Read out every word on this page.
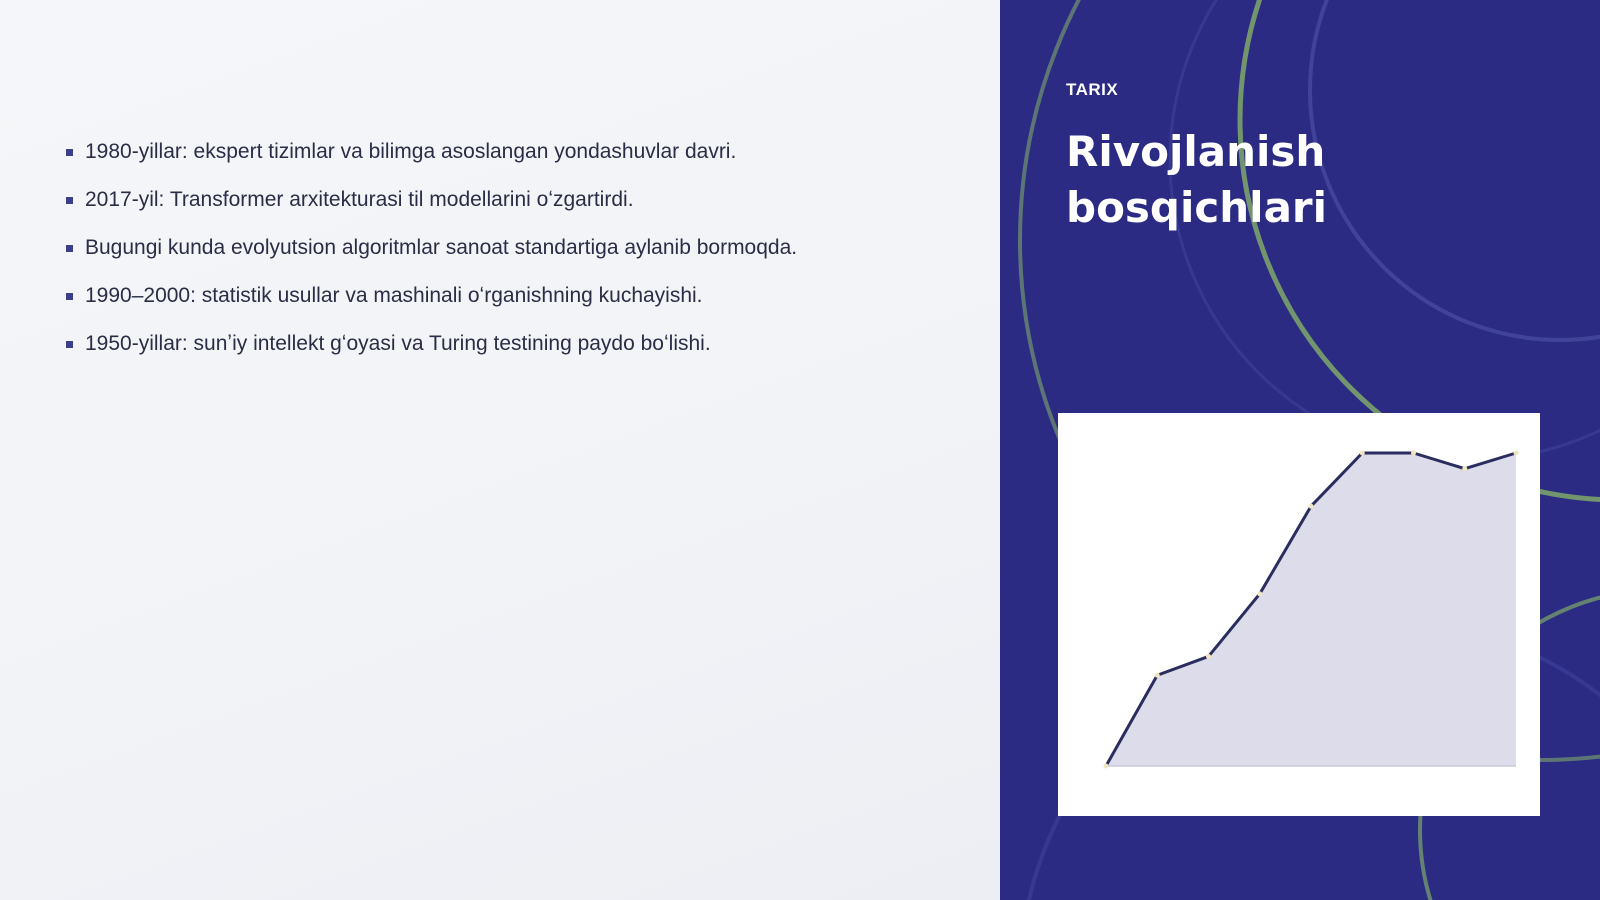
1980-yillar: ekspert tizimlar va bilimga asoslangan yondashuvlar davri.
2017-yil: Transformer arxitekturasi til modellarini oʻzgartirdi.
Bugungi kunda evolyutsion algoritmlar sanoat standartiga aylanib bormoqda.
1990–2000: statistik usullar va mashinali oʻrganishning kuchayishi.
1950-yillar: sunʼiy intellekt gʻoyasi va Turing testining paydo boʻlishi.
TARIX
Rivojlanish bosqichlari
